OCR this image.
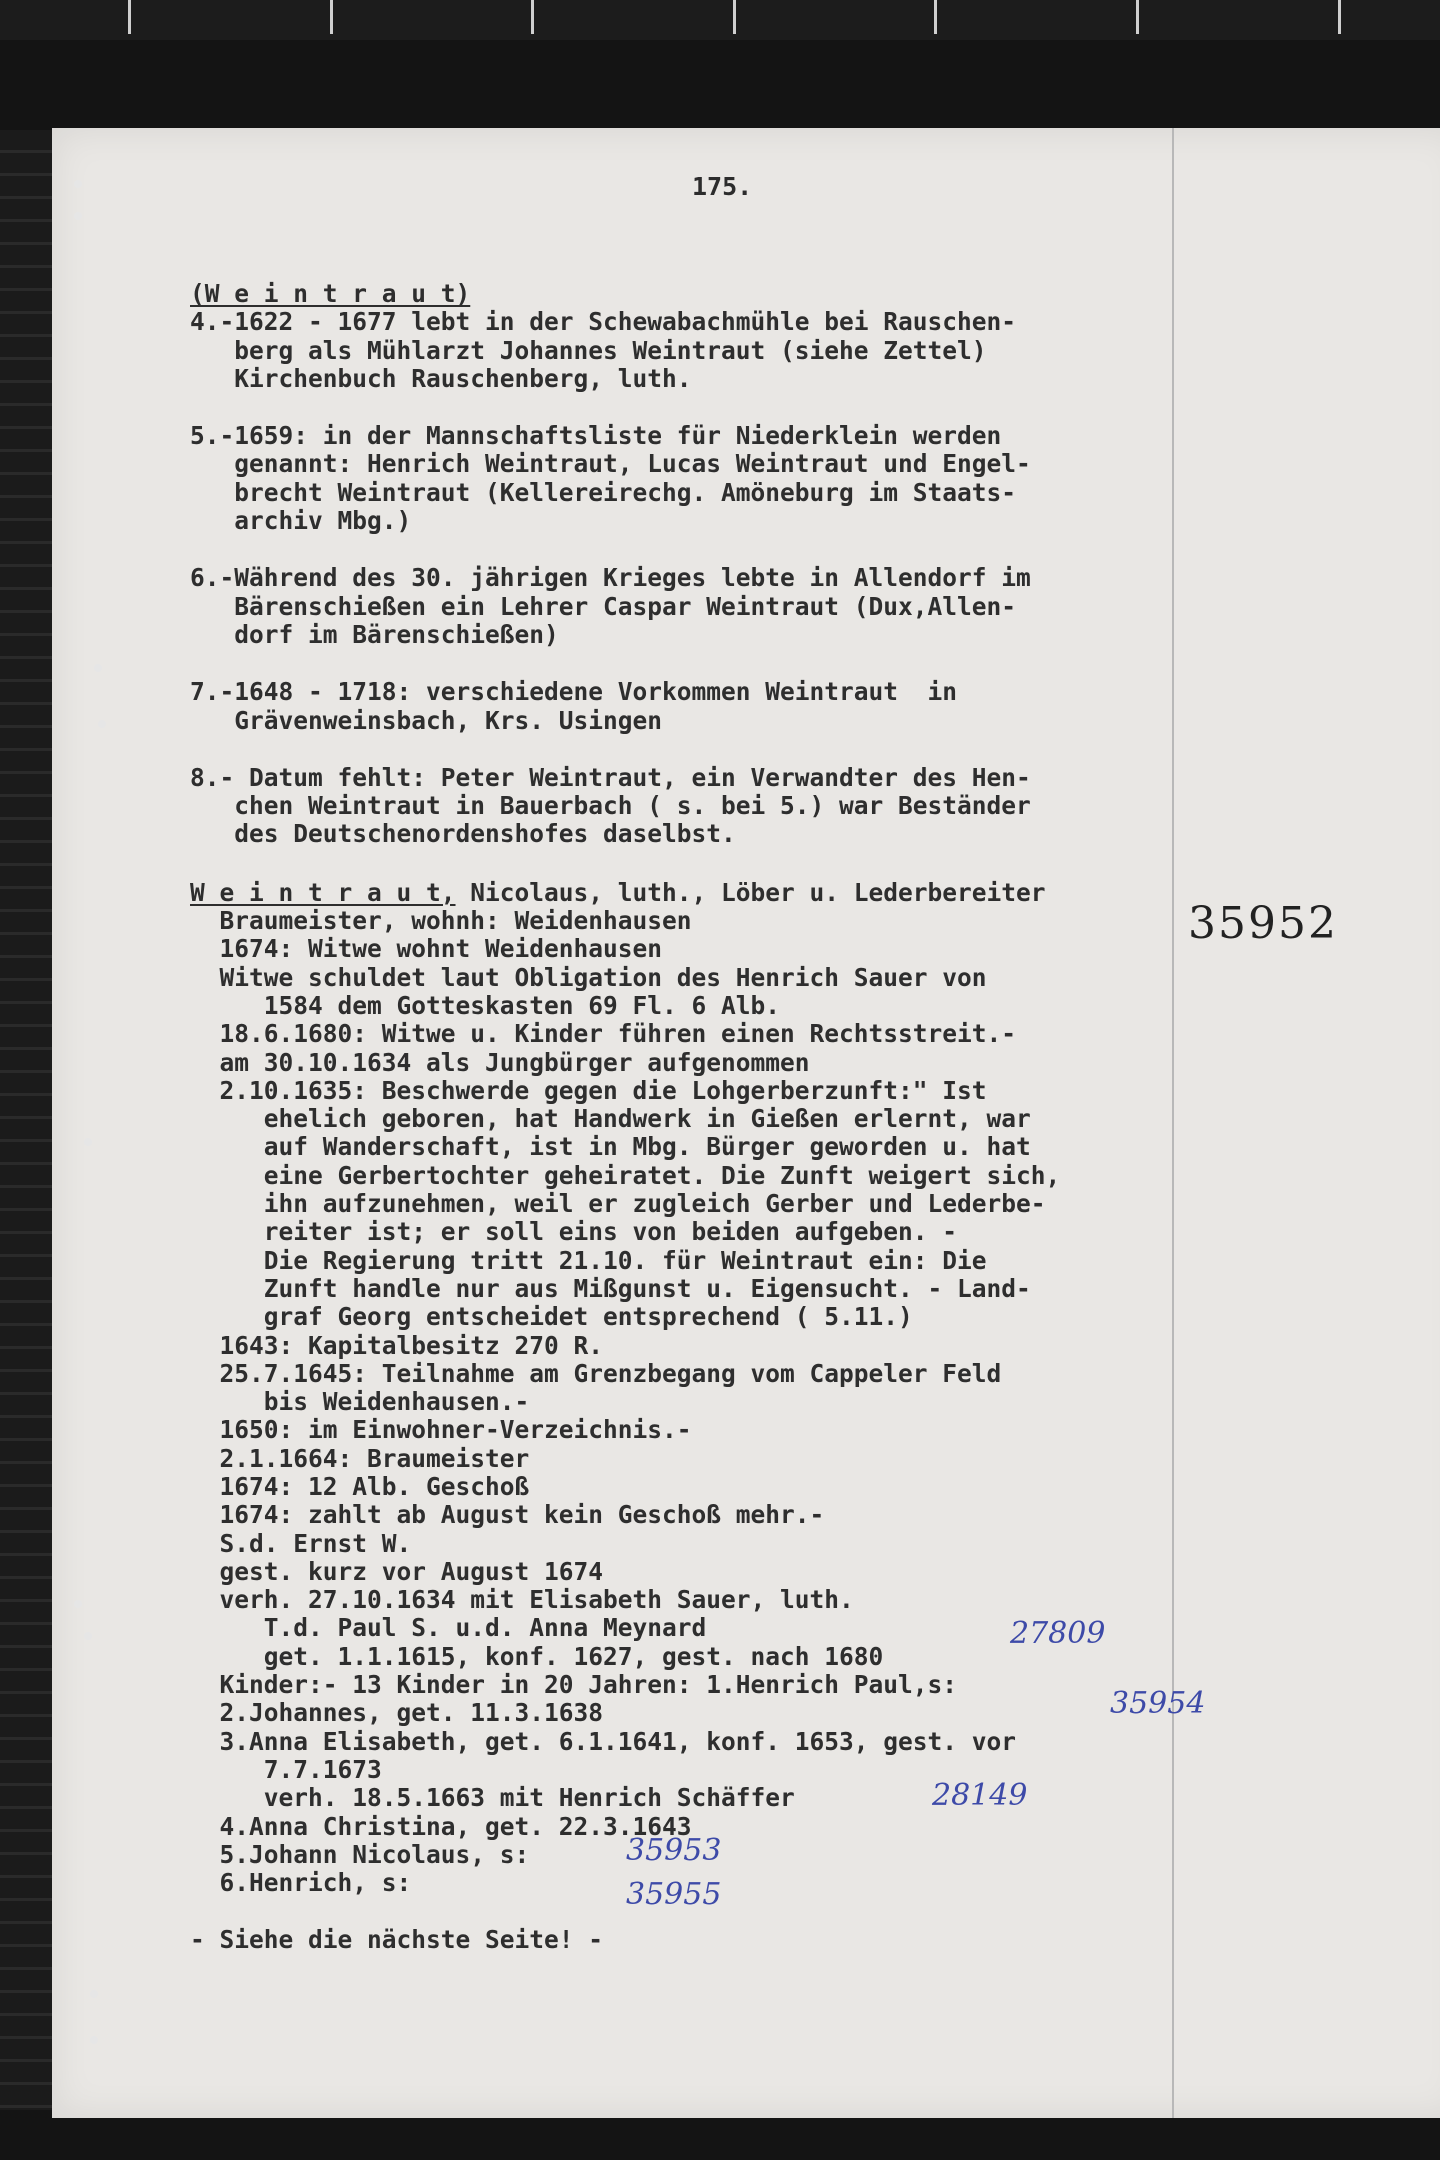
175.
35952
(W e i n t r a u t)
4.-1622 - 1677 lebt in der Schewabachmühle bei Rauschen-
berg als Mühlarzt Johannes Weintraut (siehe Zettel)
Kirchenbuch Rauschenberg, luth.
5.-1659: in der Mannschaftsliste für Niederklein werden
genannt: Henrich Weintraut, Lucas Weintraut und Engel-
brecht Weintraut (Kellereirechg. Amöneburg im Staats-
archiv Mbg.)
6.-Während des 30. jährigen Krieges lebte in Allendorf im
Bärenschießen ein Lehrer Caspar Weintraut (Dux,Allen-
dorf im Bärenschießen)
7.-1648 - 1718: verschiedene Vorkommen Weintraut  in
Grävenweinsbach, Krs. Usingen
8.- Datum fehlt: Peter Weintraut, ein Verwandter des Hen-
chen Weintraut in Bauerbach ( s. bei 5.) war Beständer
des Deutschenordenshofes daselbst.
W e i n t r a u t, Nicolaus, luth., Löber u. Lederbereiter
Braumeister, wohnh: Weidenhausen
1674: Witwe wohnt Weidenhausen
Witwe schuldet laut Obligation des Henrich Sauer von
1584 dem Gotteskasten 69 Fl. 6 Alb.
18.6.1680: Witwe u. Kinder führen einen Rechtsstreit.-
am 30.10.1634 als Jungbürger aufgenommen
2.10.1635: Beschwerde gegen die Lohgerberzunft:" Ist
ehelich geboren, hat Handwerk in Gießen erlernt, war
auf Wanderschaft, ist in Mbg. Bürger geworden u. hat
eine Gerbertochter geheiratet. Die Zunft weigert sich,
ihn aufzunehmen, weil er zugleich Gerber und Lederbe-
reiter ist; er soll eins von beiden aufgeben. -
Die Regierung tritt 21.10. für Weintraut ein: Die
Zunft handle nur aus Mißgunst u. Eigensucht. - Land-
graf Georg entscheidet entsprechend ( 5.11.)
1643: Kapitalbesitz 270 R.
25.7.1645: Teilnahme am Grenzbegang vom Cappeler Feld
bis Weidenhausen.-
1650: im Einwohner-Verzeichnis.-
2.1.1664: Braumeister
1674: 12 Alb. Geschoß
1674: zahlt ab August kein Geschoß mehr.-
S.d. Ernst W.
gest. kurz vor August 1674
verh. 27.10.1634 mit Elisabeth Sauer, luth.
T.d. Paul S. u.d. Anna Meynard
get. 1.1.1615, konf. 1627, gest. nach 1680
Kinder:- 13 Kinder in 20 Jahren: 1.Henrich Paul,s:
2.Johannes, get. 11.3.1638
3.Anna Elisabeth, get. 6.1.1641, konf. 1653, gest. vor
7.7.1673
verh. 18.5.1663 mit Henrich Schäffer
4.Anna Christina, get. 22.3.1643
5.Johann Nicolaus, s:
6.Henrich, s:
- Siehe die nächste Seite! -
27809
35954
28149
35953
35955
